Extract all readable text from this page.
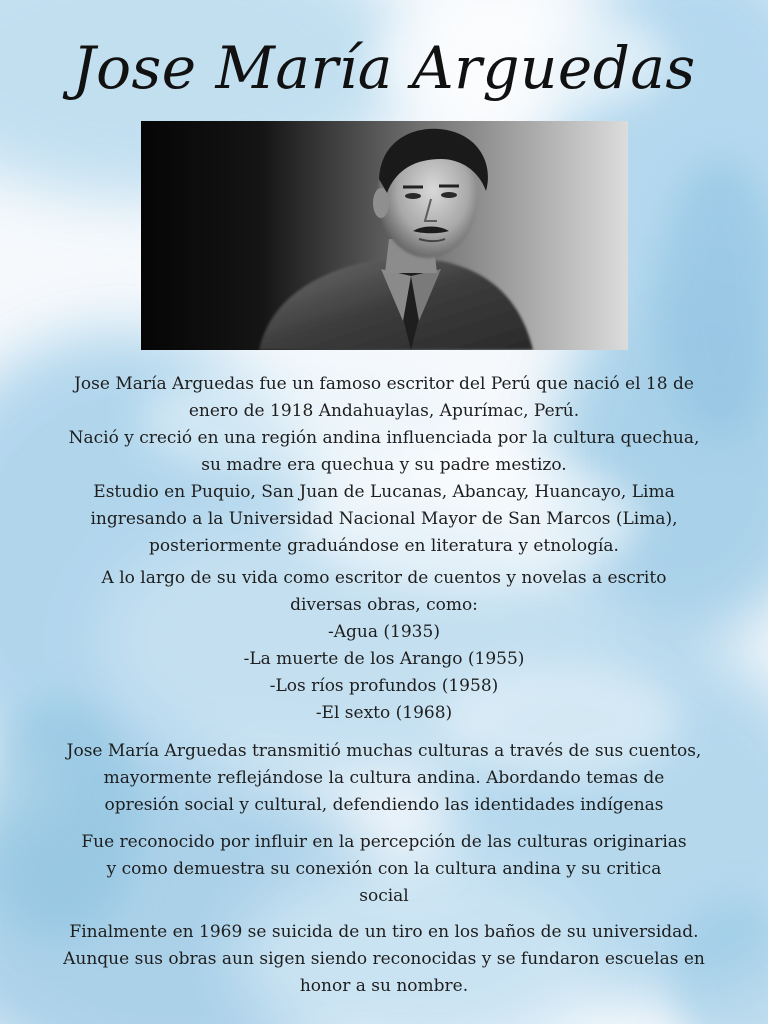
Jose María Arguedas
Jose María Arguedas fue un famoso escritor del Perú que nació el 18 de
enero de 1918 Andahuaylas, Apurímac, Perú.
Nació y creció en una región andina influenciada por la cultura quechua,
su madre era quechua y su padre mestizo.
Estudio en Puquio, San Juan de Lucanas, Abancay, Huancayo, Lima
ingresando a la Universidad Nacional Mayor de San Marcos (Lima),
posteriormente graduándose en literatura y etnología.
A lo largo de su vida como escritor de cuentos y novelas a escrito
diversas obras, como:
-Agua (1935)
-La muerte de los Arango (1955)
-Los ríos profundos (1958)
-El sexto (1968)
Jose María Arguedas transmitió muchas culturas a través de sus cuentos,
mayormente reflejándose la cultura andina. Abordando temas de
opresión social y cultural, defendiendo las identidades indígenas
Fue reconocido por influir en la percepción de las culturas originarias
y como demuestra su conexión con la cultura andina y su critica
social
Finalmente en 1969 se suicida de un tiro en los baños de su universidad.
Aunque sus obras aun sigen siendo reconocidas y se fundaron escuelas en
honor a su nombre.
